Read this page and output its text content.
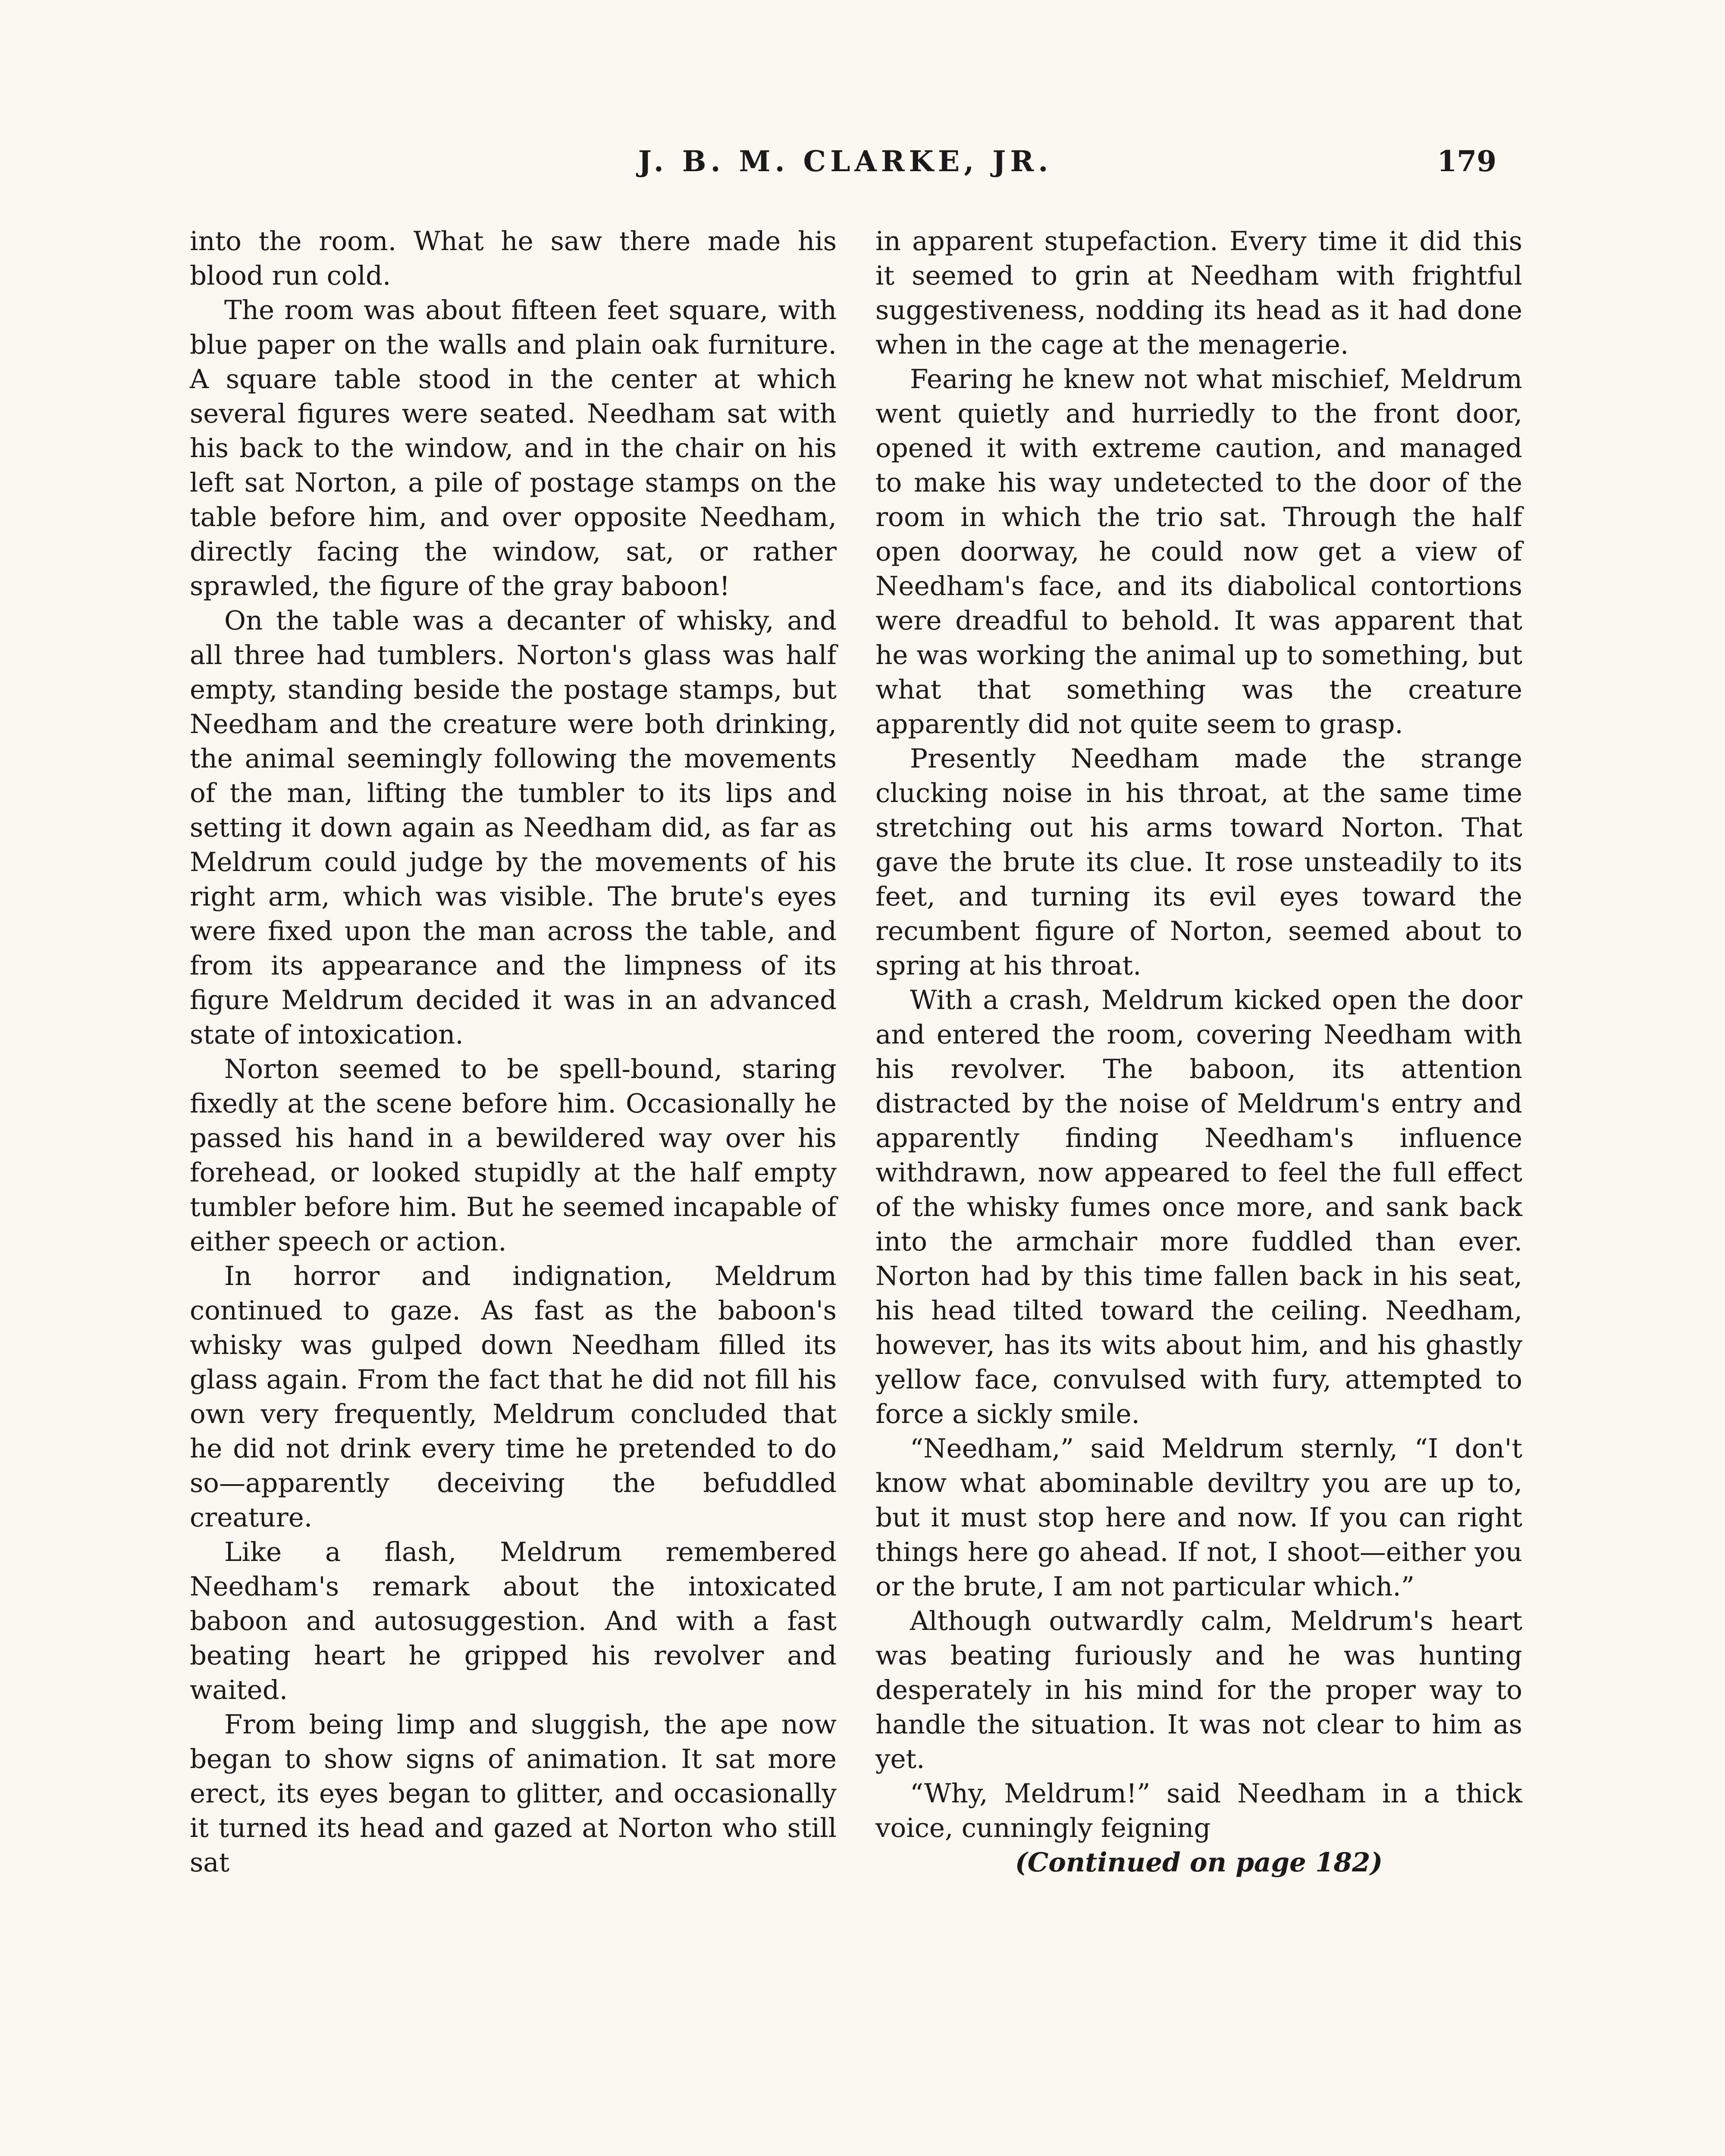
J. B. M. CLARKE, JR.	179

into the room. What he saw there made his blood run cold.

The room was about fifteen feet square, with blue paper on the walls and plain oak furniture. A square table stood in the center at which several figures were seated. Needham sat with his back to the window, and in the chair on his left sat Norton, a pile of postage stamps on the table before him, and over opposite Needham, directly facing the window, sat, or rather sprawled, the figure of the gray baboon!

On the table was a decanter of whisky, and all three had tumblers. Norton's glass was half empty, standing beside the postage stamps, but Needham and the creature were both drinking, the animal seemingly following the movements of the man, lifting the tumbler to its lips and setting it down again as Needham did, as far as Meldrum could judge by the movements of his right arm, which was visible. The brute's eyes were fixed upon the man across the table, and from its appearance and the limpness of its figure Meldrum decided it was in an advanced state of intoxication.

Norton seemed to be spell-bound, staring fixedly at the scene before him. Occasionally he passed his hand in a bewildered way over his forehead, or looked stupidly at the half empty tumbler before him. But he seemed incapable of either speech or action.

In horror and indignation, Meldrum continued to gaze. As fast as the baboon's whisky was gulped down Needham filled its glass again. From the fact that he did not fill his own very frequently, Meldrum concluded that he did not drink every time he pretended to do so—apparently deceiving the befuddled creature.

Like a flash, Meldrum remembered Needham's remark about the intoxicated baboon and autosuggestion. And with a fast beating heart he gripped his revolver and waited.

From being limp and sluggish, the ape now began to show signs of animation. It sat more erect, its eyes began to glitter, and occasionally it turned its head and gazed at Norton who still sat

in apparent stupefaction. Every time it did this it seemed to grin at Needham with frightful suggestiveness, nodding its head as it had done when in the cage at the menagerie.

Fearing he knew not what mischief, Meldrum went quietly and hurriedly to the front door, opened it with extreme caution, and managed to make his way undetected to the door of the room in which the trio sat. Through the half open doorway, he could now get a view of Needham's face, and its diabolical contortions were dreadful to behold. It was apparent that he was working the animal up to something, but what that something was the creature apparently did not quite seem to grasp.

Presently Needham made the strange clucking noise in his throat, at the same time stretching out his arms toward Norton. That gave the brute its clue. It rose unsteadily to its feet, and turning its evil eyes toward the recumbent figure of Norton, seemed about to spring at his throat.

With a crash, Meldrum kicked open the door and entered the room, covering Needham with his revolver. The baboon, its attention distracted by the noise of Meldrum's entry and apparently finding Needham's influence withdrawn, now appeared to feel the full effect of the whisky fumes once more, and sank back into the armchair more fuddled than ever. Norton had by this time fallen back in his seat, his head tilted toward the ceiling. Needham, however, has its wits about him, and his ghastly yellow face, convulsed with fury, attempted to force a sickly smile.

“Needham,” said Meldrum sternly, “I don't know what abominable deviltry you are up to, but it must stop here and now. If you can right things here go ahead. If not, I shoot—either you or the brute, I am not particular which.”

Although outwardly calm, Meldrum's heart was beating furiously and he was hunting desperately in his mind for the proper way to handle the situation. It was not clear to him as yet.

“Why, Meldrum!” said Needham in a thick voice, cunningly feigning

(Continued on page 182)
